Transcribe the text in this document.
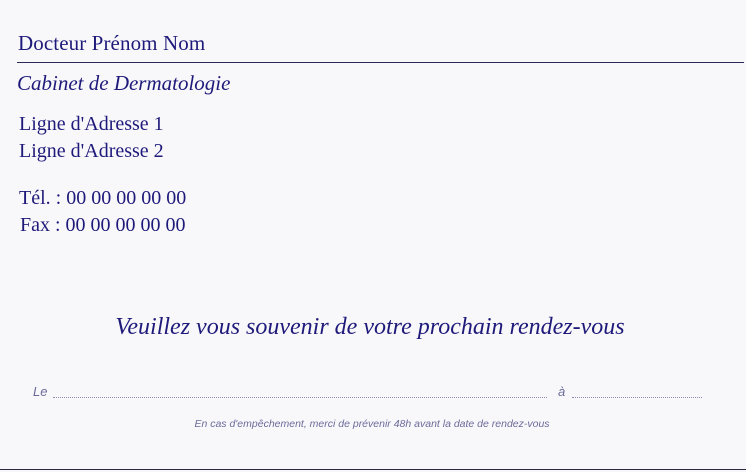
Docteur Prénom Nom
Cabinet de Dermatologie
Ligne d'Adresse 1
Ligne d'Adresse 2
Tél. : 00 00 00 00 00
Fax : 00 00 00 00 00
Veuillez vous souvenir de votre prochain rendez-vous
Le	à
En cas d'empêchement, merci de prévenir 48h avant la date de rendez-vous
